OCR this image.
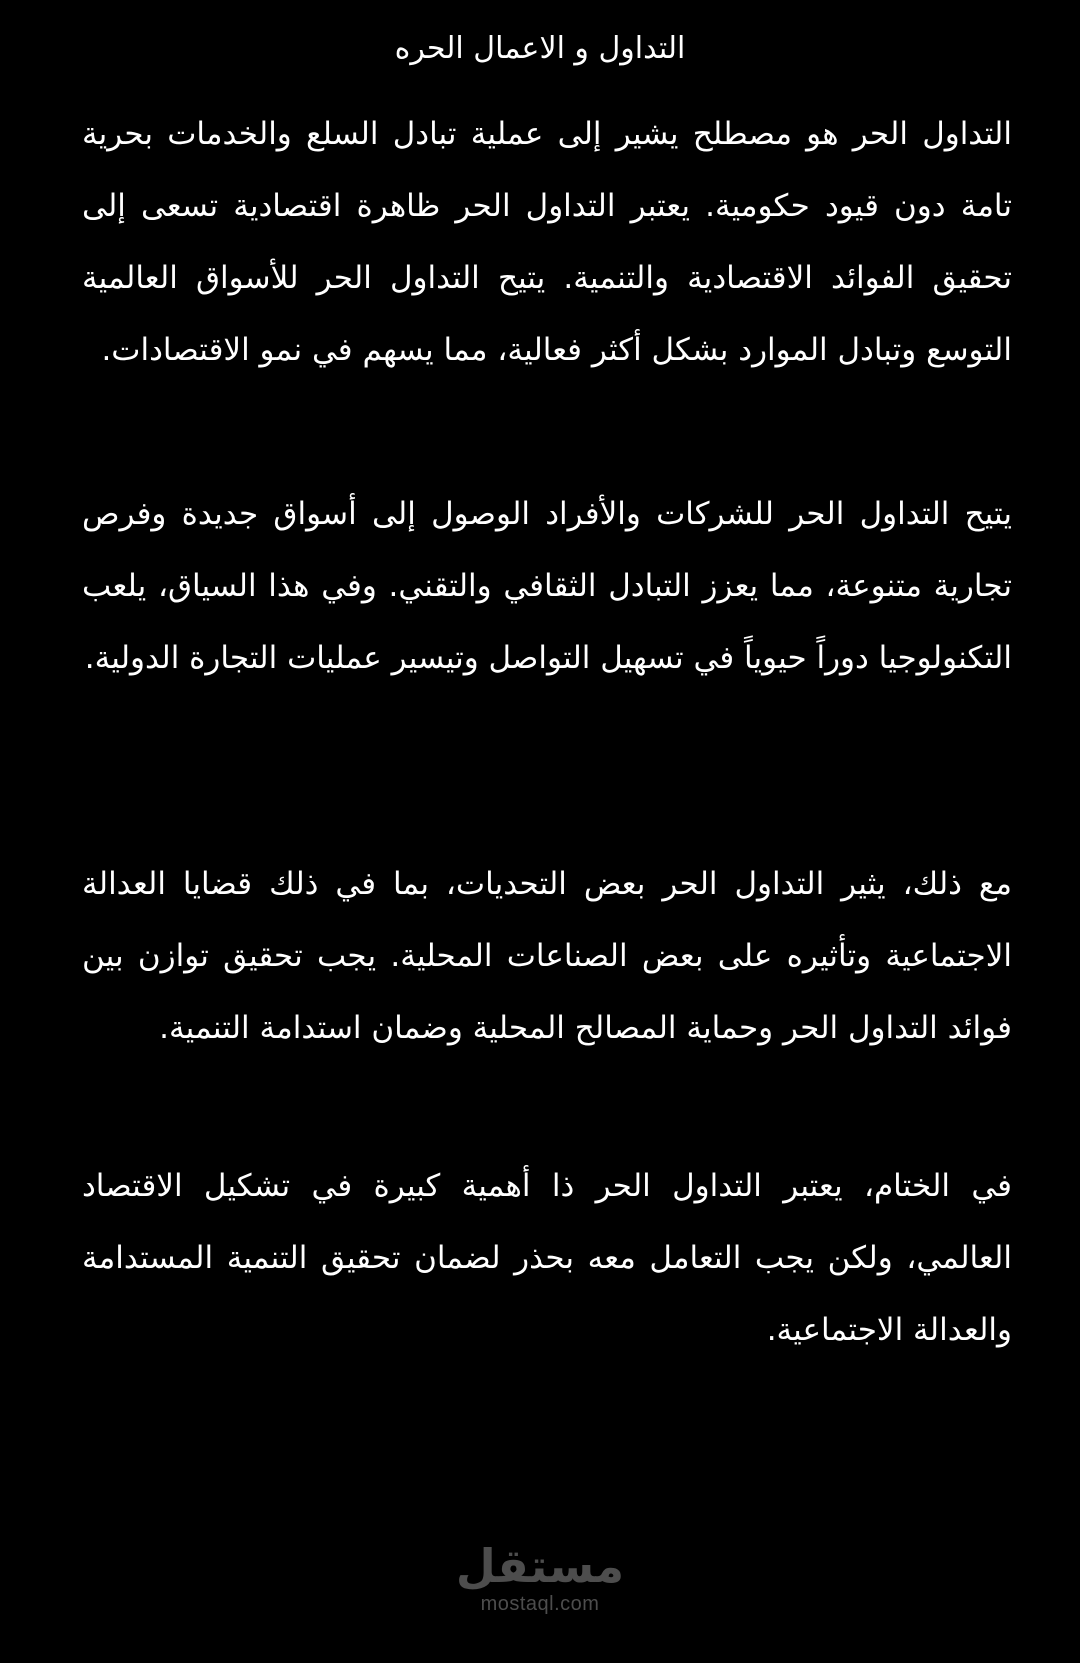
التداول و الاعمال الحره

التداول الحر هو مصطلح يشير إلى عملية تبادل السلع والخدمات بحرية تامة دون قيود حكومية. يعتبر التداول الحر ظاهرة اقتصادية تسعى إلى تحقيق الفوائد الاقتصادية والتنمية. يتيح التداول الحر للأسواق العالمية التوسع وتبادل الموارد بشكل أكثر فعالية، مما يسهم في نمو الاقتصادات.

يتيح التداول الحر للشركات والأفراد الوصول إلى أسواق جديدة وفرص تجارية متنوعة، مما يعزز التبادل الثقافي والتقني. وفي هذا السياق، يلعب التكنولوجيا دوراً حيوياً في تسهيل التواصل وتيسير عمليات التجارة الدولية.

مع ذلك، يثير التداول الحر بعض التحديات، بما في ذلك قضايا العدالة الاجتماعية وتأثيره على بعض الصناعات المحلية. يجب تحقيق توازن بين فوائد التداول الحر وحماية المصالح المحلية وضمان استدامة التنمية.

في الختام، يعتبر التداول الحر ذا أهمية كبيرة في تشكيل الاقتصاد العالمي، ولكن يجب التعامل معه بحذر لضمان تحقيق التنمية المستدامة والعدالة الاجتماعية.

مستقل
mostaql.com
